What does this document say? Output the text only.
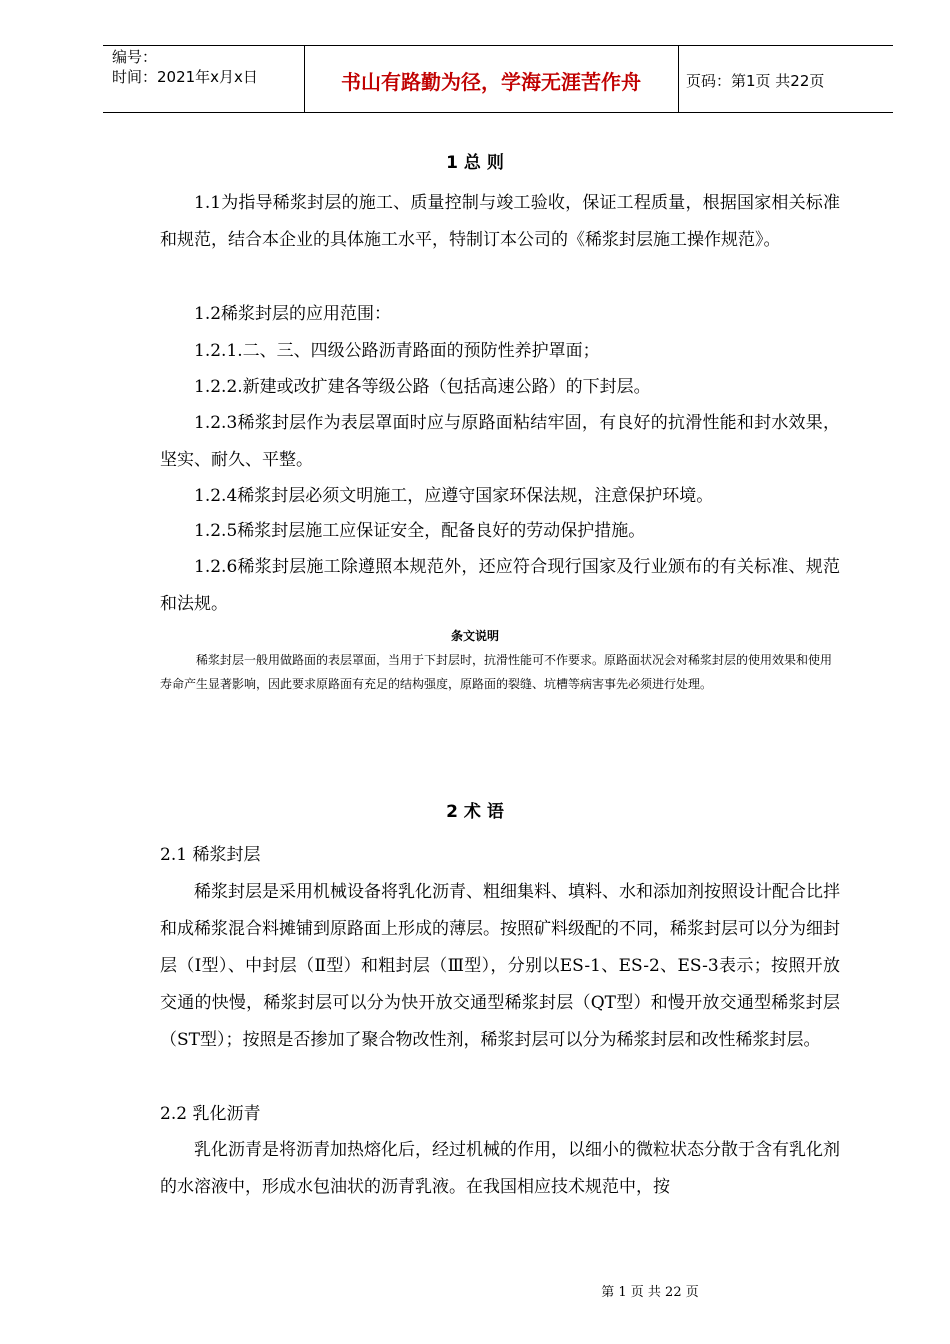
编号：
时间：2021年x月x日	书山有路勤为径，学海无涯苦作舟	页码：第1页 共22页
1 总 则
1.1为指导稀浆封层的施工、质量控制与竣工验收，保证工程质量，根据国家相关标准和规范，结合本企业的具体施工水平，特制订本公司的《稀浆封层施工操作规范》。
1.2稀浆封层的应用范围：
1.2.1.二、三、四级公路沥青路面的预防性养护罩面；
1.2.2.新建或改扩建各等级公路（包括高速公路）的下封层。
1.2.3稀浆封层作为表层罩面时应与原路面粘结牢固，有良好的抗滑性能和封水效果，坚实、耐久、平整。
1.2.4稀浆封层必须文明施工，应遵守国家环保法规，注意保护环境。
1.2.5稀浆封层施工应保证安全，配备良好的劳动保护措施。
1.2.6稀浆封层施工除遵照本规范外，还应符合现行国家及行业颁布的有关标准、规范和法规。
条文说明
稀浆封层一般用做路面的表层罩面，当用于下封层时，抗滑性能可不作要求。原路面状况会对稀浆封层的使用效果和使用寿命产生显著影响，因此要求原路面有充足的结构强度，原路面的裂缝、坑槽等病害事先必须进行处理。
2 术 语
2.1 稀浆封层
稀浆封层是采用机械设备将乳化沥青、粗细集料、填料、水和添加剂按照设计配合比拌和成稀浆混合料摊铺到原路面上形成的薄层。按照矿料级配的不同，稀浆封层可以分为细封层（Ⅰ型）、中封层（Ⅱ型）和粗封层（Ⅲ型），分别以ES-1、ES-2、ES-3表示；按照开放交通的快慢，稀浆封层可以分为快开放交通型稀浆封层（QT型）和慢开放交通型稀浆封层（ST型）；按照是否掺加了聚合物改性剂，稀浆封层可以分为稀浆封层和改性稀浆封层。
2.2 乳化沥青
乳化沥青是将沥青加热熔化后，经过机械的作用，以细小的微粒状态分散于含有乳化剂的水溶液中，形成水包油状的沥青乳液。在我国相应技术规范中，按
第 1 页 共 22 页
